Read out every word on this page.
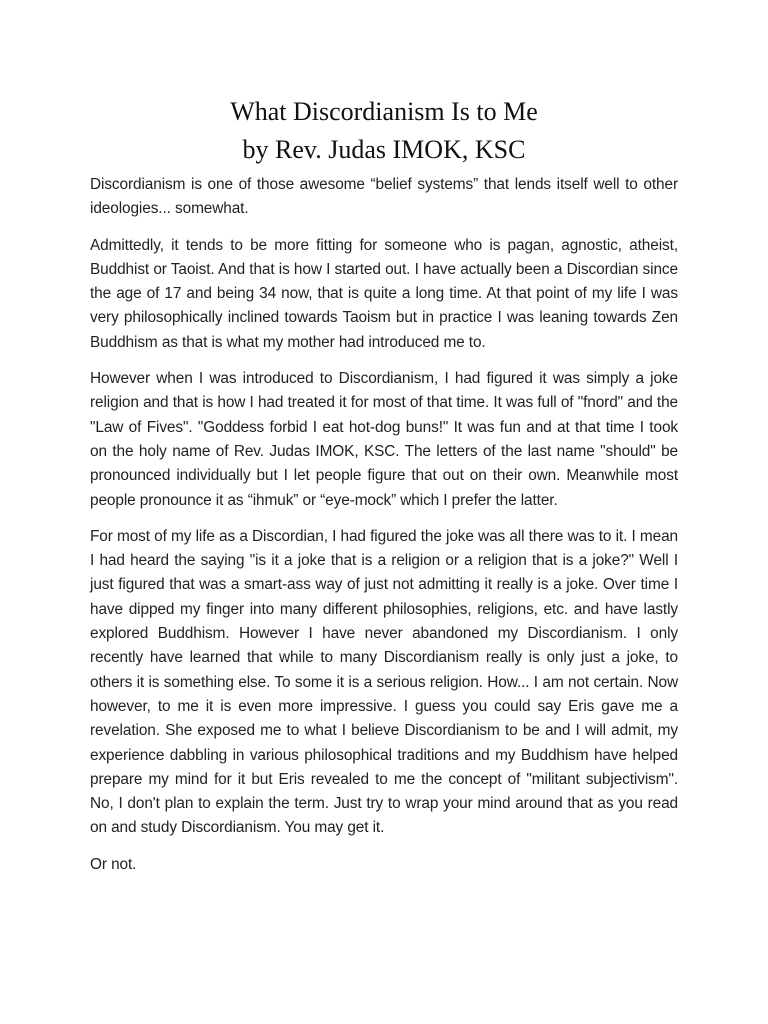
What Discordianism Is to Me
by Rev. Judas IMOK, KSC

Discordianism is one of those awesome “belief systems” that lends itself well to other ideologies... somewhat.

Admittedly, it tends to be more fitting for someone who is pagan, agnostic, atheist, Buddhist or Taoist. And that is how I started out. I have actually been a Discordian since the age of 17 and being 34 now, that is quite a long time. At that point of my life I was very philosophically inclined towards Taoism but in practice I was leaning towards Zen Buddhism as that is what my mother had introduced me to.

However when I was introduced to Discordianism, I had figured it was simply a joke religion and that is how I had treated it for most of that time. It was full of "fnord" and the "Law of Fives". "Goddess forbid I eat hot-dog buns!" It was fun and at that time I took on the holy name of Rev. Judas IMOK, KSC. The letters of the last name "should" be pronounced individually but I let people figure that out on their own. Meanwhile most people pronounce it as “ihmuk” or “eye-mock” which I prefer the latter.

For most of my life as a Discordian, I had figured the joke was all there was to it. I mean I had heard the saying "is it a joke that is a religion or a religion that is a joke?" Well I just figured that was a smart-ass way of just not admitting it really is a joke. Over time I have dipped my finger into many different philosophies, religions, etc. and have lastly explored Buddhism. However I have never abandoned my Discordianism. I only recently have learned that while to many Discordianism really is only just a joke, to others it is something else. To some it is a serious religion. How... I am not certain. Now however, to me it is even more impressive. I guess you could say Eris gave me a revelation. She exposed me to what I believe Discordianism to be and I will admit, my experience dabbling in various philosophical traditions and my Buddhism have helped prepare my mind for it but Eris revealed to me the concept of "militant subjectivism". No, I don't plan to explain the term. Just try to wrap your mind around that as you read on and study Discordianism. You may get it.

Or not.
